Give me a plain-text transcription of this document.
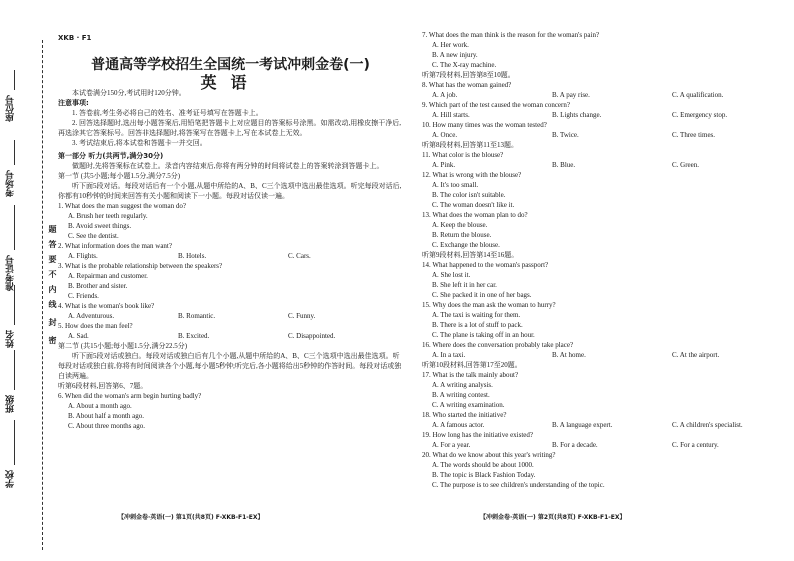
学校
班级
姓名
准考证号
考场号
座位号
题
答
要
不
内
线
封
密
XKB · F1
普通高等学校招生全国统一考试冲刺金卷(一)
英语

本试卷满分150分,考试用时120分钟。

注意事项:

1. 答卷前,考生务必将自己的姓名、准考证号填写在答题卡上。

2. 回答选择题时,选出每小题答案后,用铅笔把答题卡上对应题目的答案标号涂黑。如需改动,用橡皮擦干净后,再选涂其它答案标号。回答非选择题时,将答案写在答题卡上,写在本试卷上无效。

3. 考试结束后,将本试卷和答题卡一并交回。

第一部分 听力(共两节,满分30分)

做题时,先将答案标在试卷上。录音内容结束后,你将有两分钟的时间将试卷上的答案转涂到答题卡上。

第一节 (共5小题;每小题1.5分,满分7.5分)

听下面5段对话。每段对话后有一个小题,从题中所给的A、B、C三个选项中选出最佳选项。听完每段对话后,你都有10秒钟的时间来回答有关小题和阅读下一小题。每段对话仅读一遍。

1. What does the man suggest the woman do?

A. Brush her teeth regularly.

B. Avoid sweet things.

C. See the dentist.

2. What information does the man want?

A. Flights.	B. Hotels.	C. Cars.

3. What is the probable relationship between the speakers?

A. Repairman and customer.

B. Brother and sister.

C. Friends.

4. What is the woman's book like?

A. Adventurous.	B. Romantic.	C. Funny.

5. How does the man feel?

A. Sad.	B. Excited.	C. Disappointed.

第二节 (共15小题;每小题1.5分,满分22.5分)

听下面5段对话或独白。每段对话或独白后有几个小题,从题中所给的A、B、C三个选项中选出最佳选项。听每段对话或独白前,你将有时间阅读各个小题,每小题5秒钟;听完后,各小题将给出5秒钟的作答时间。每段对话或独白读两遍。

听第6段材料,回答第6、7题。

6. When did the woman's arm begin hurting badly?

A. About a month ago.

B. About half a month ago.

C. About three months ago.

【冲刺金卷·英语(一) 第1页(共8页) F-XKB-F1-EX】

7. What does the man think is the reason for the woman's pain?

A. Her work.

B. A new injury.

C. The X-ray machine.

听第7段材料,回答第8至10题。

8. What has the woman gained?

A. A job.	B. A pay rise.	C. A qualification.

9. Which part of the test caused the woman concern?

A. Hill starts.	B. Lights change.	C. Emergency stop.

10. How many times was the woman tested?

A. Once.	B. Twice.	C. Three times.

听第8段材料,回答第11至13题。

11. What color is the blouse?

A. Pink.	B. Blue.	C. Green.

12. What is wrong with the blouse?

A. It's too small.

B. The color isn't suitable.

C. The woman doesn't like it.

13. What does the woman plan to do?

A. Keep the blouse.

B. Return the blouse.

C. Exchange the blouse.

听第9段材料,回答第14至16题。

14. What happened to the woman's passport?

A. She lost it.

B. She left it in her car.

C. She packed it in one of her bags.

15. Why does the man ask the woman to hurry?

A. The taxi is waiting for them.

B. There is a lot of stuff to pack.

C. The plane is taking off in an hour.

16. Where does the conversation probably take place?

A. In a taxi.	B. At home.	C. At the airport.

听第10段材料,回答第17至20题。

17. What is the talk mainly about?

A. A writing analysis.

B. A writing contest.

C. A writing examination.

18. Who started the initiative?

A. A famous actor.	B. A language expert.	C. A children's specialist.

19. How long has the initiative existed?

A. For a year.	B. For a decade.	C. For a century.

20. What do we know about this year's writing?

A. The words should be about 1000.

B. The topic is Black Fashion Today.

C. The purpose is to see children's understanding of the topic.

【冲刺金卷·英语(一) 第2页(共8页) F-XKB-F1-EX】
